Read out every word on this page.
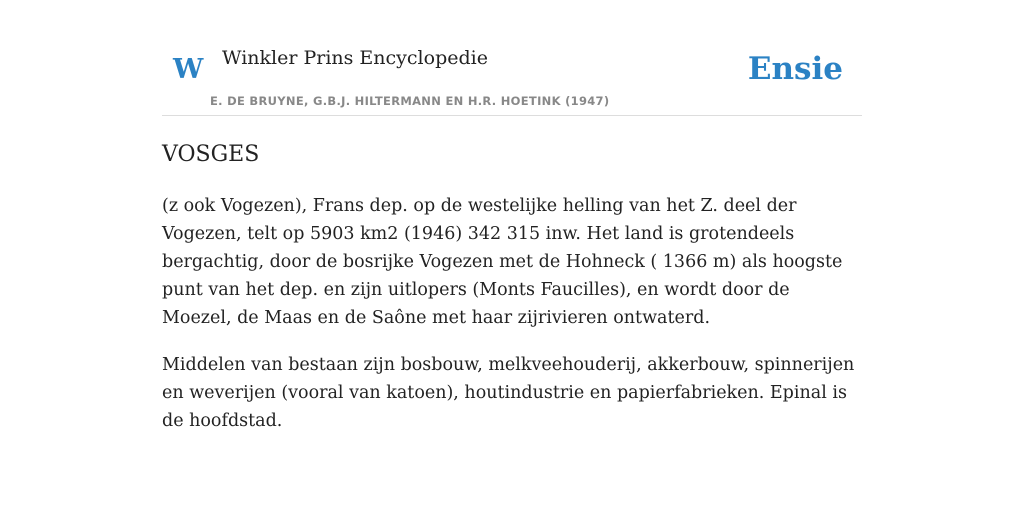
W Winkler Prins Encyclopedie
E. DE BRUYNE, G.B.J. HILTERMANN EN H.R. HOETINK (1947)
Ensie
VOSGES

(z ook Vogezen), Frans dep. op de westelijke helling van het Z. deel der Vogezen, telt op 5903 km2 (1946) 342 315 inw. Het land is grotendeels bergachtig, door de bosrijke Vogezen met de Hohneck ( 1366 m) als hoogste punt van het dep. en zijn uitlopers (Monts Faucilles), en wordt door de Moezel, de Maas en de Saône met haar zijrivieren ontwaterd.

Middelen van bestaan zijn bosbouw, melkveehouderij, akkerbouw, spinnerijen en weverijen (vooral van katoen), houtindustrie en papierfabrieken. Epinal is de hoofdstad.
